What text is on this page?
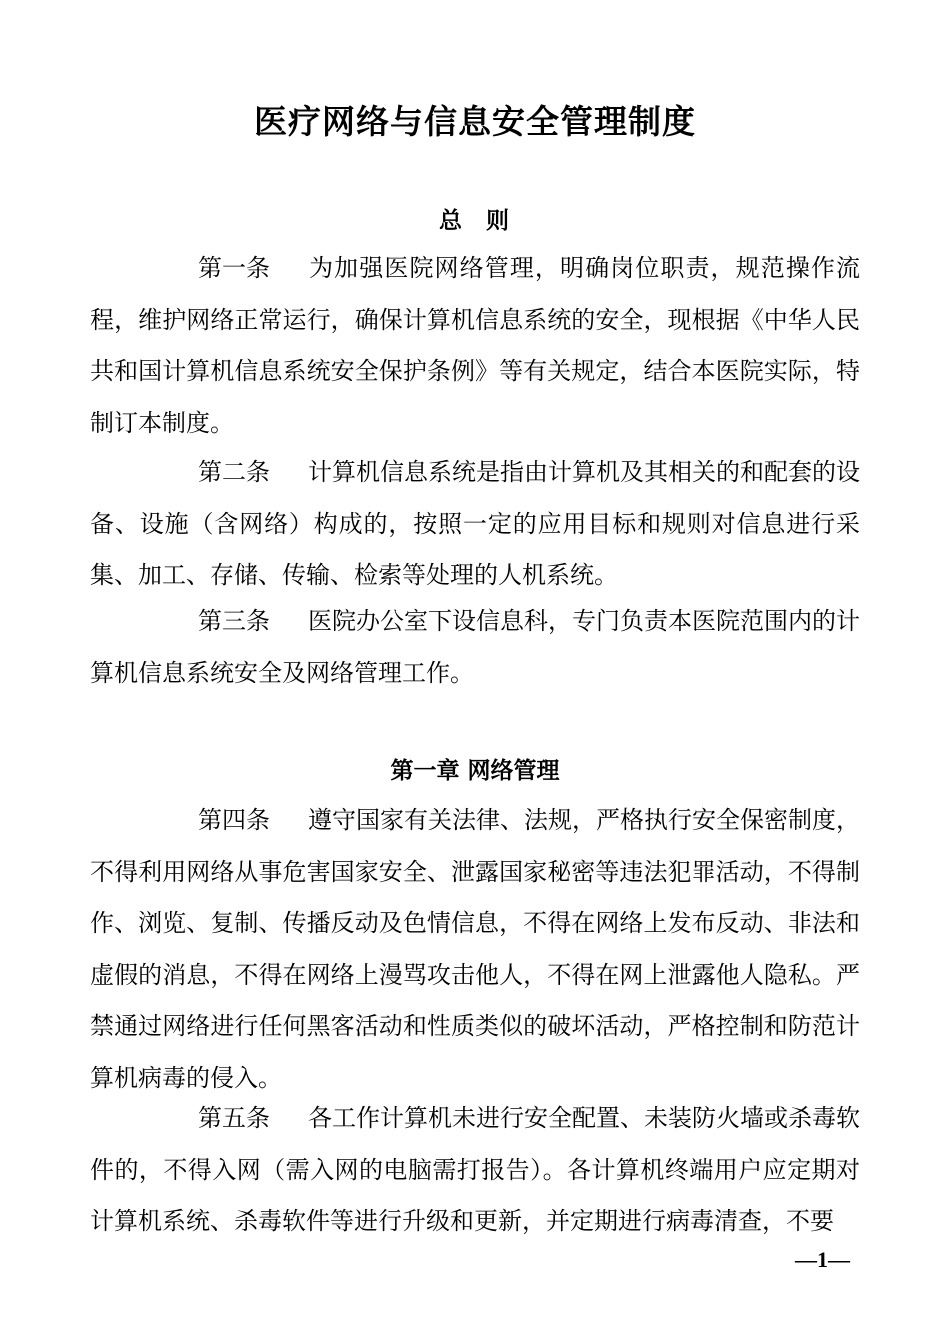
医疗网络与信息安全管理制度
总 则

第一条 为加强医院网络管理，明确岗位职责，规范操作流程，维护网络正常运行，确保计算机信息系统的安全，现根据《中华人民共和国计算机信息系统安全保护条例》等有关规定，结合本医院实际，特制订本制度。

第二条 计算机信息系统是指由计算机及其相关的和配套的设备、设施（含网络）构成的，按照一定的应用目标和规则对信息进行采集、加工、存储、传输、检索等处理的人机系统。

第三条 医院办公室下设信息科，专门负责本医院范围内的计算机信息系统安全及网络管理工作。

第一章 网络管理

第四条 遵守国家有关法律、法规，严格执行安全保密制度，不得利用网络从事危害国家安全、泄露国家秘密等违法犯罪活动，不得制作、浏览、复制、传播反动及色情信息，不得在网络上发布反动、非法和虚假的消息，不得在网络上漫骂攻击他人，不得在网上泄露他人隐私。严禁通过网络进行任何黑客活动和性质类似的破坏活动，严格控制和防范计算机病毒的侵入。

第五条 各工作计算机未进行安全配置、未装防火墙或杀毒软件的，不得入网（需入网的电脑需打报告）。各计算机终端用户应定期对计算机系统、杀毒软件等进行升级和更新，并定期进行病毒清查，不要

—1—
